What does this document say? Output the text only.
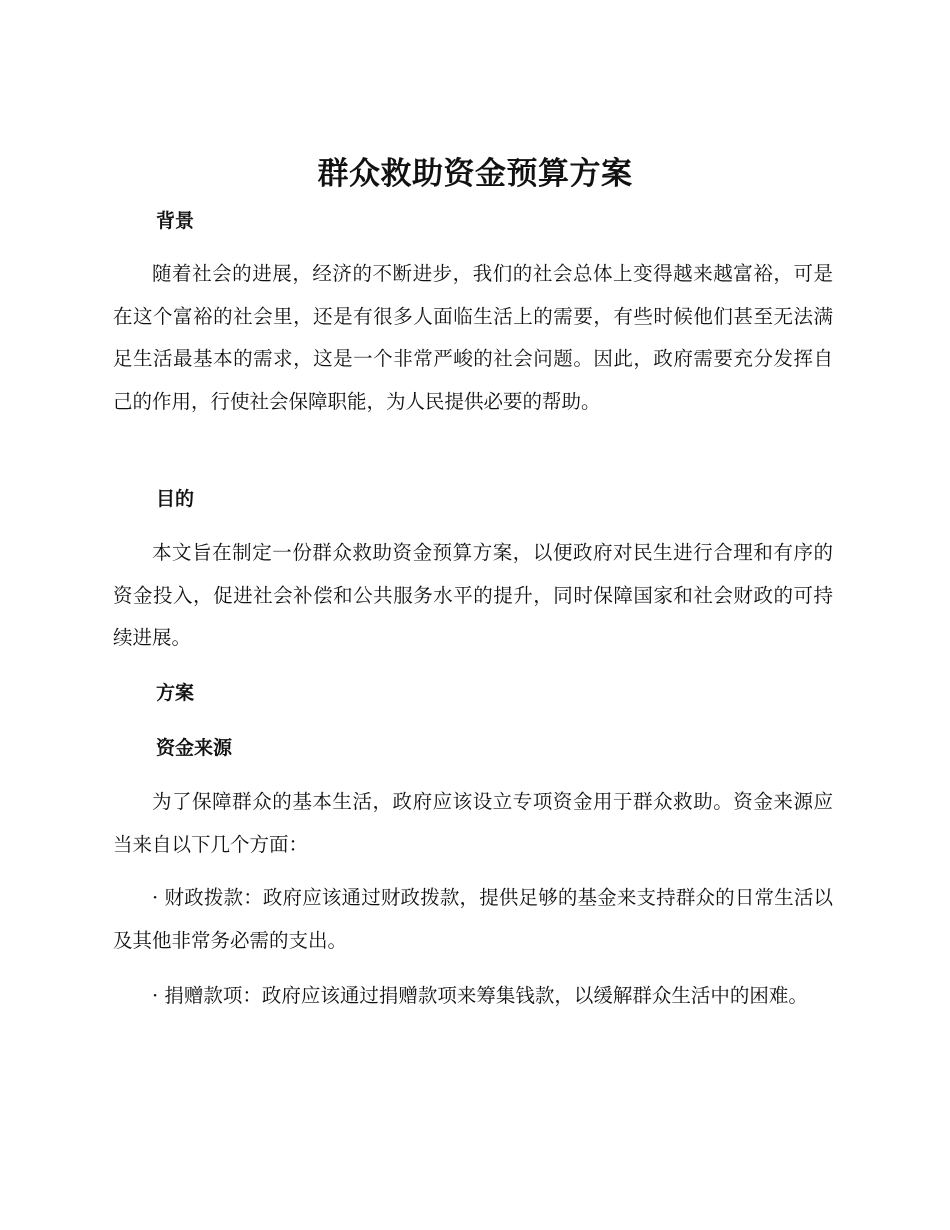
群众救助资金预算方案
背景

随着社会的进展，经济的不断进步，我们的社会总体上变得越来越富裕，可是在这个富裕的社会里，还是有很多人面临生活上的需要，有些时候他们甚至无法满足生活最基本的需求，这是一个非常严峻的社会问题。因此，政府需要充分发挥自己的作用，行使社会保障职能，为人民提供必要的帮助。

目的

本文旨在制定一份群众救助资金预算方案，以便政府对民生进行合理和有序的资金投入，促进社会补偿和公共服务水平的提升，同时保障国家和社会财政的可持续进展。

方案
资金来源

为了保障群众的基本生活，政府应该设立专项资金用于群众救助。资金来源应当来自以下几个方面：

· 财政拨款：政府应该通过财政拨款，提供足够的基金来支持群众的日常生活以及其他非常务必需的支出。

· 捐赠款项：政府应该通过捐赠款项来筹集钱款，以缓解群众生活中的困难。
